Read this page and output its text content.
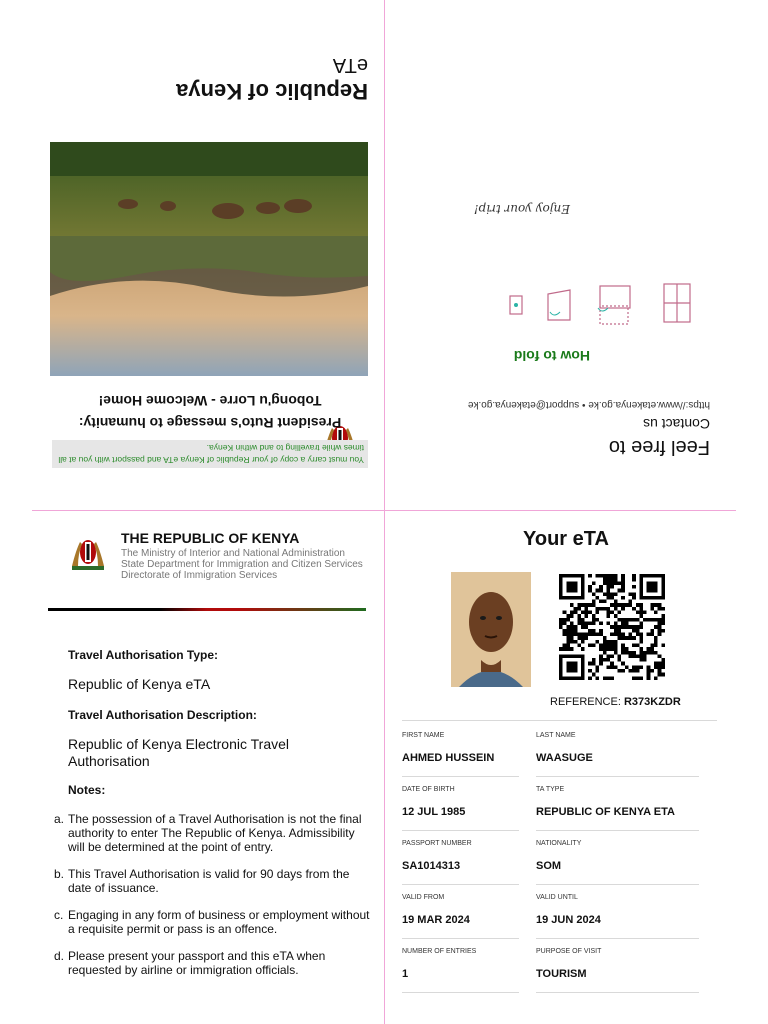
You must carry a copy of your Republic of Kenya eTA and passport with you at all times while travelling to and within Kenya.
President Ruto's message to humanity:
Tobong'u Lorre - Welcome Home!
Republic of Kenya
eTA
Feel free to
Contact us
https://www.etakenya.go.ke • support@etakenya.go.ke
How to fold
Enjoy your trip!
THE REPUBLIC OF KENYA
The Ministry of Interior and National Administration
State Department for Immigration and Citizen Services
Directorate of Immigration Services
Travel Authorisation Type:
Republic of Kenya eTA
Travel Authorisation Description:
Republic of Kenya Electronic Travel Authorisation
Notes:
a. The possession of a Travel Authorisation is not the final authority to enter The Republic of Kenya. Admissibility will be determined at the point of entry.
b. This Travel Authorisation is valid for 90 days from the date of issuance.
c. Engaging in any form of business or employment without a requisite permit or pass is an offence.
d. Please present your passport and this eTA when requested by airline or immigration officials.
Your eTA
REFERENCE: R373KZDR
FIRST NAME
AHMED HUSSEIN
LAST NAME
WAASUGE
DATE OF BIRTH
12 JUL 1985
TA TYPE
REPUBLIC OF KENYA ETA
PASSPORT NUMBER
SA1014313
NATIONALITY
SOM
VALID FROM
19 MAR 2024
VALID UNTIL
19 JUN 2024
NUMBER OF ENTRIES
1
PURPOSE OF VISIT
TOURISM
